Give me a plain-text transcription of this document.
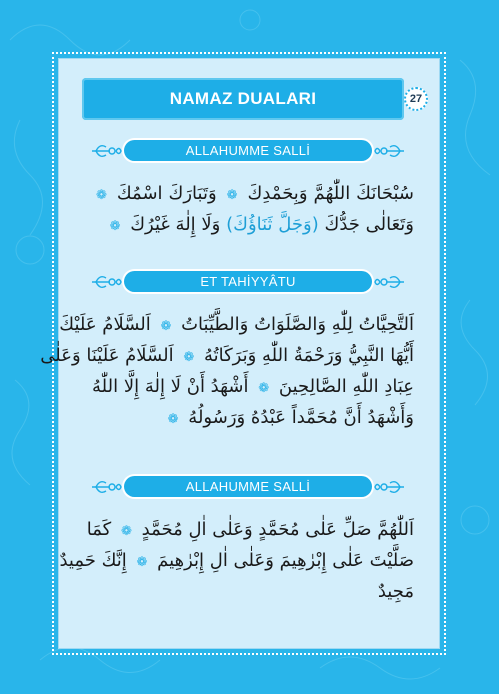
NAMAZ DUALARI	27
ALLAHUMME SALLİ
سُبْحَانَكَ اللّٰهُمَّ وَبِحَمْدِكَ ❁ وَتَبَارَكَ اسْمُكَ ❁
وَتَعَالٰى جَدُّكَ (وَجَلَّ ثَنَاؤُكَ) وَلَا إِلٰهَ غَيْرُكَ ❁
ET TAHİYYÂTU
اَلتَّحِيَّاتُ لِلّٰهِ وَالصَّلَوَاتُ وَالطَّيِّبَاتُ ❁ اَلسَّلَامُ عَلَيْكَ
أَيُّهَا النَّبِيُّ وَرَحْمَةُ اللّٰهِ وَبَرَكَاتُهُ ❁ اَلسَّلَامُ عَلَيْنَا وَعَلٰى
عِبَادِ اللّٰهِ الصَّالِحِينَ ❁ أَشْهَدُ أَنْ لَا إِلٰهَ إِلَّا اللّٰهُ
وَأَشْهَدُ أَنَّ مُحَمَّداً عَبْدُهُ وَرَسُولُهُ ❁
ALLAHUMME SALLİ
اَللّٰهُمَّ صَلِّ عَلٰى مُحَمَّدٍ وَعَلٰى اٰلِ مُحَمَّدٍ ❁ كَمَا
صَلَّيْتَ عَلٰى إِبْرٰهِيمَ وَعَلٰى اٰلِ إِبْرٰهِيمَ ❁ إِنَّكَ حَمِيدٌ
مَجِيدٌ
